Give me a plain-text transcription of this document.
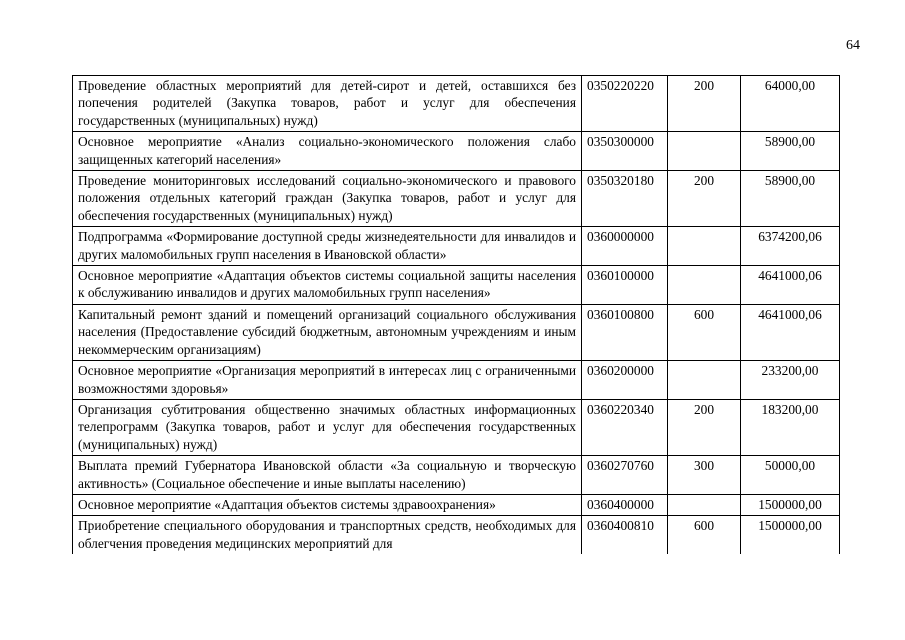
64
Проведение областных мероприятий для детей-сирот и детей, оставшихся без попечения родителей (Закупка товаров, работ и услуг для обеспечения государственных (муниципальных) нужд)	0350220220	200	64000,00
Основное мероприятие «Анализ социально-экономического положения слабо защищенных категорий населения»	0350300000		58900,00
Проведение мониторинговых исследований социально-экономического и правового положения отдельных категорий граждан (Закупка товаров, работ и услуг для обеспечения государственных (муниципальных) нужд)	0350320180	200	58900,00
Подпрограмма «Формирование доступной среды жизнедеятельности для инвалидов и других маломобильных групп населения в Ивановской области»	0360000000		6374200,06
Основное мероприятие «Адаптация объектов системы социальной защиты населения к обслуживанию инвалидов и других маломобильных групп населения»	0360100000		4641000,06
Капитальный ремонт зданий и помещений организаций социального обслуживания населения (Предоставление субсидий бюджетным, автономным учреждениям и иным некоммерческим организациям)	0360100800	600	4641000,06
Основное мероприятие «Организация мероприятий в интересах лиц с ограниченными возможностями здоровья»	0360200000		233200,00
Организация субтитрования общественно значимых областных информационных телепрограмм (Закупка товаров, работ и услуг для обеспечения государственных (муниципальных) нужд)	0360220340	200	183200,00
Выплата премий Губернатора Ивановской области «За социальную и творческую активность» (Социальное обеспечение и иные выплаты населению)	0360270760	300	50000,00
Основное мероприятие «Адаптация объектов системы здравоохранения»	0360400000		1500000,00

Приобретение специального оборудования и транспортных средств, необходимых для облегчения проведения медицинских мероприятий для	0360400810	600	1500000,00
